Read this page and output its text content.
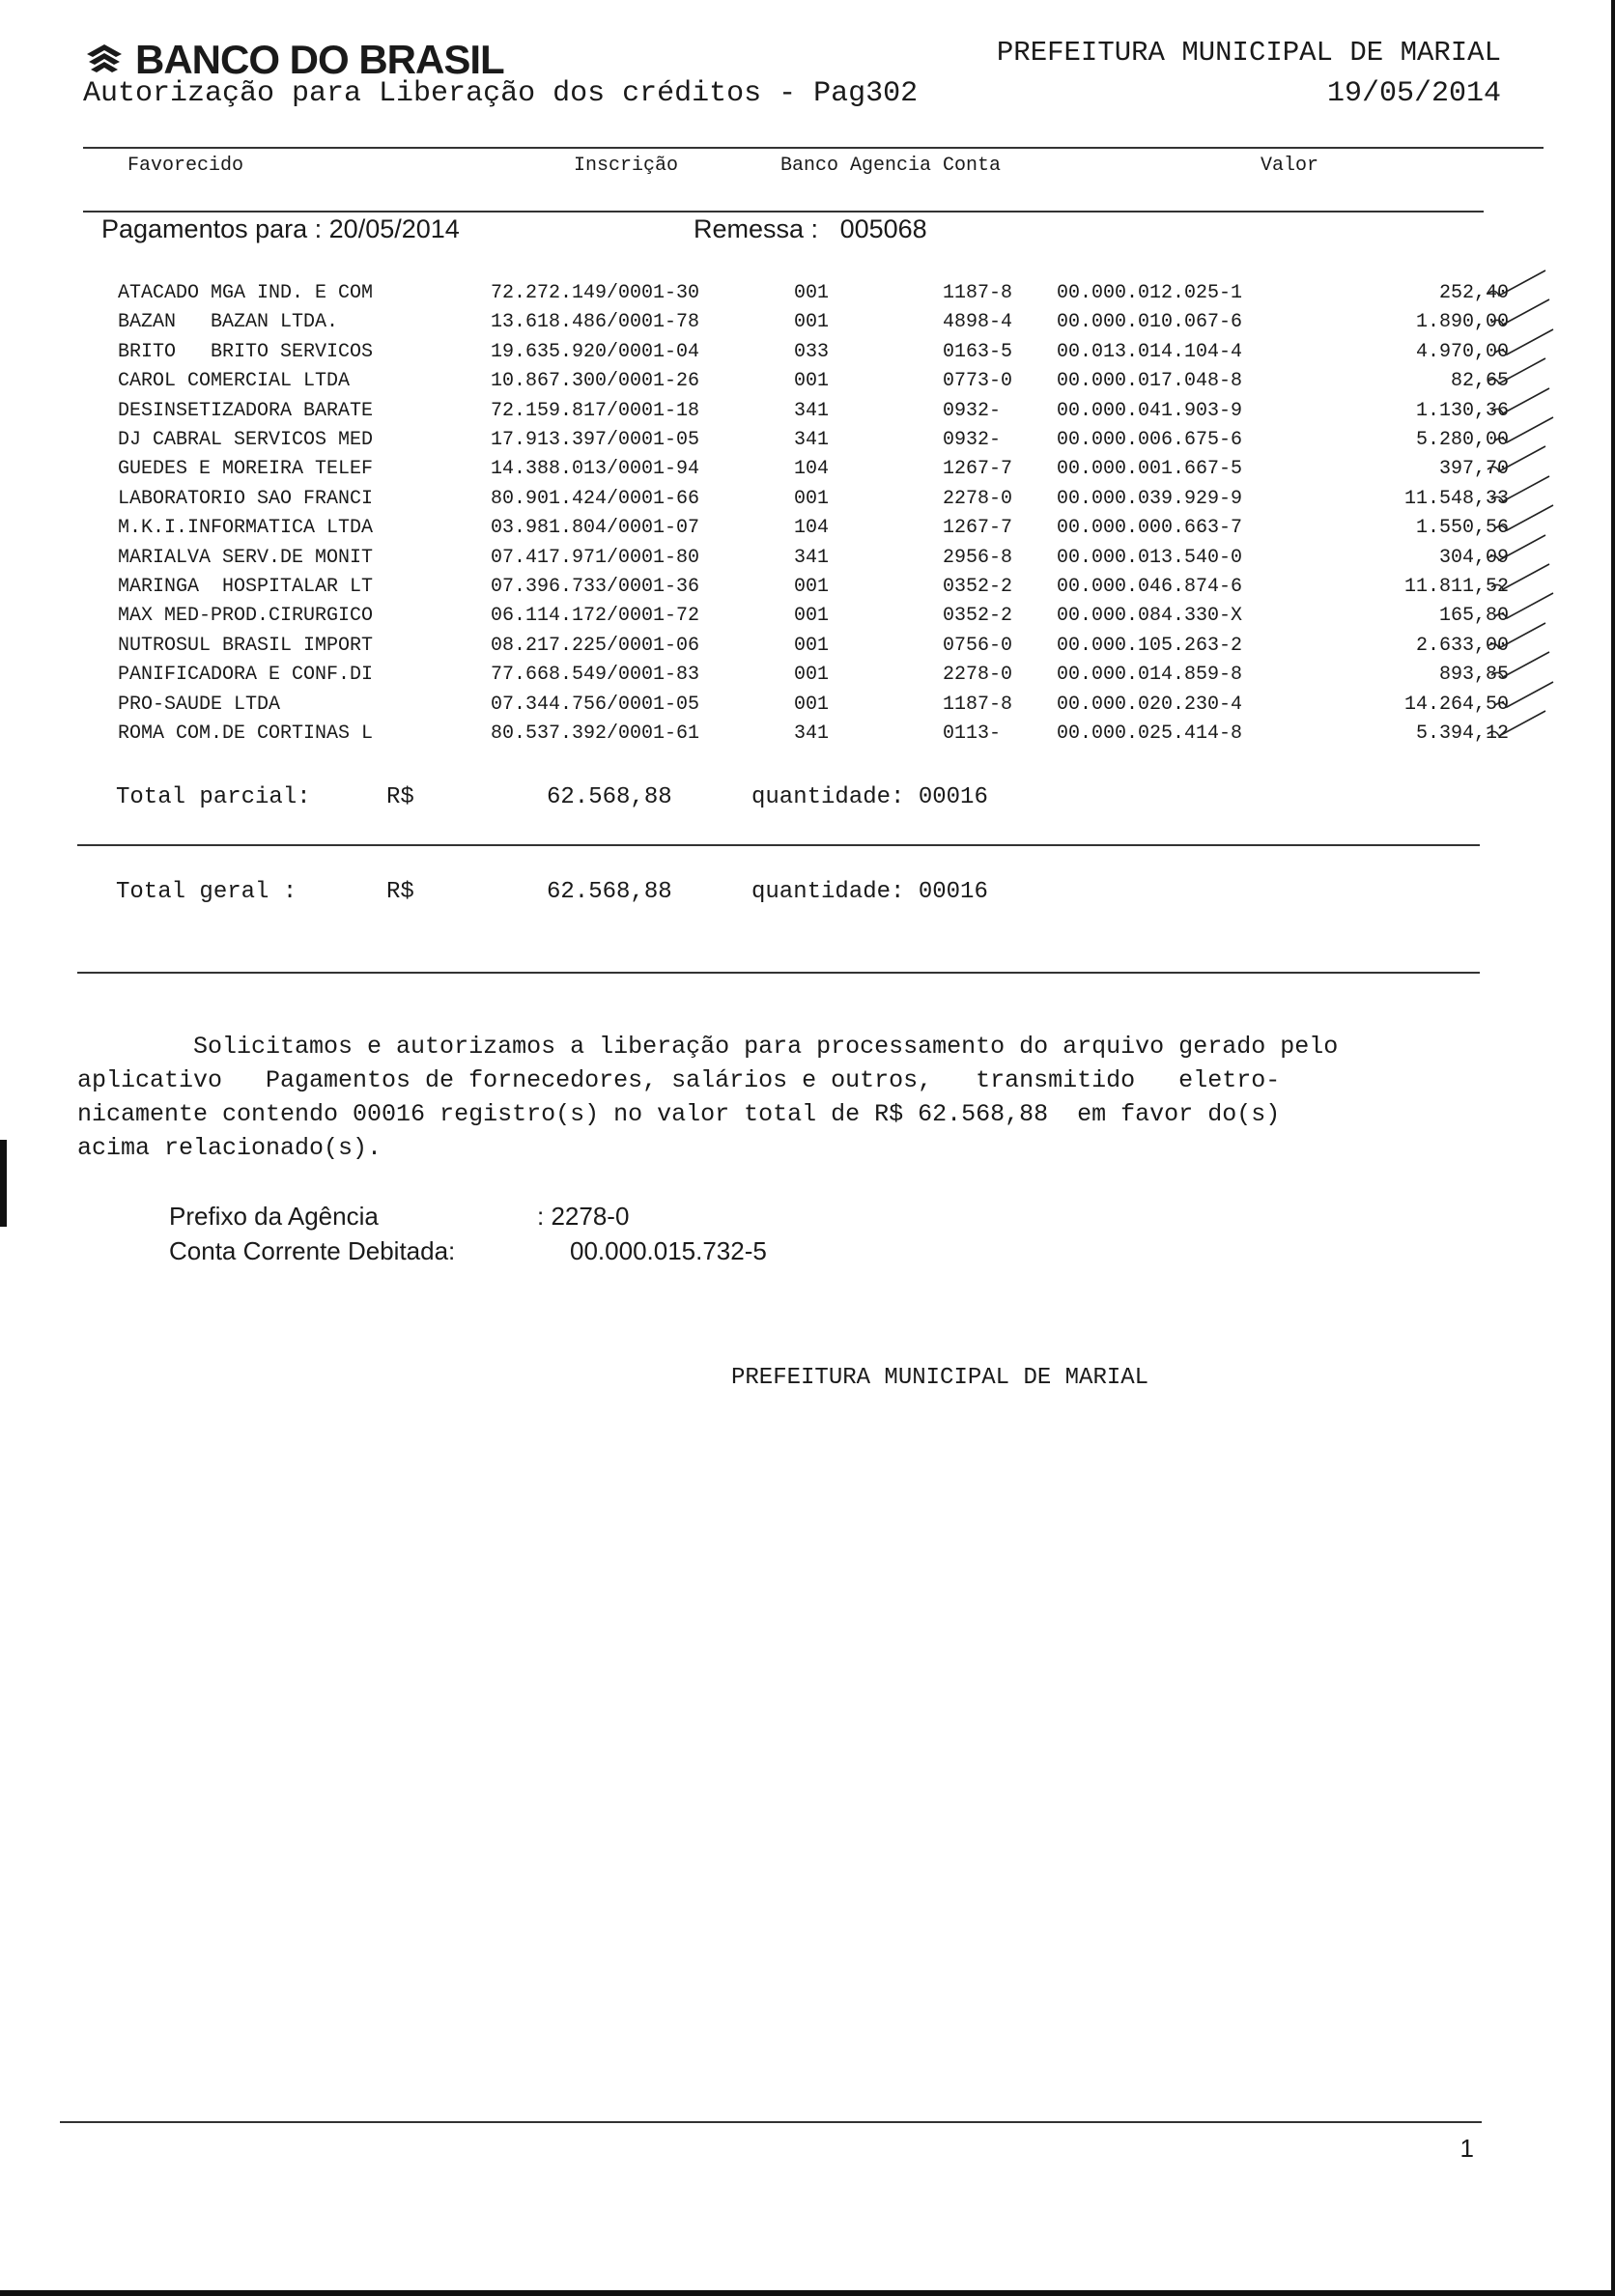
BANCO DO BRASIL
Autorização para Liberação dos créditos - Pag302
PREFEITURA MUNICIPAL DE MARIAL
19/05/2014
Favorecido	Inscrição	Banco Agencia Conta	Valor
Pagamentos para : 20/05/2014	Remessa :   005068
ATACADO MGA IND. E COM	72.272.149/0001-30	001	1187-8 00.000.012.025-1	252,40
BAZAN   BAZAN LTDA.	13.618.486/0001-78	001	4898-4 00.000.010.067-6	1.890,00
BRITO   BRITO SERVICOS	19.635.920/0001-04	033	0163-5 00.013.014.104-4	4.970,00
CAROL COMERCIAL LTDA	10.867.300/0001-26	001	0773-0 00.000.017.048-8	82,65
DESINSETIZADORA BARATE	72.159.817/0001-18	341	0932-	00.000.041.903-9	1.130,36
DJ CABRAL SERVICOS MED	17.913.397/0001-05	341	0932-	00.000.006.675-6	5.280,00
GUEDES E MOREIRA TELEF	14.388.013/0001-94	104	1267-7 00.000.001.667-5	397,70
LABORATORIO SAO FRANCI	80.901.424/0001-66	001	2278-0 00.000.039.929-9	11.548,33
M.K.I.INFORMATICA LTDA	03.981.804/0001-07	104	1267-7 00.000.000.663-7	1.550,56
MARIALVA SERV.DE MONIT	07.417.971/0001-80	341	2956-8 00.000.013.540-0	304,09
MARINGA  HOSPITALAR LT	07.396.733/0001-36	001	0352-2 00.000.046.874-6	11.811,52
MAX MED-PROD.CIRURGICO	06.114.172/0001-72	001	0352-2 00.000.084.330-X	165,80
NUTROSUL BRASIL IMPORT	08.217.225/0001-06	001	0756-0 00.000.105.263-2	2.633,00
PANIFICADORA E CONF.DI	77.668.549/0001-83	001	2278-0 00.000.014.859-8	893,85
PRO-SAUDE LTDA	07.344.756/0001-05	001	1187-8 00.000.020.230-4	14.264,50
ROMA COM.DE CORTINAS L	80.537.392/0001-61	341	0113-	00.000.025.414-8	5.394,12
Total parcial:	R$	62.568,88	quantidade: 00016
Total geral :	R$	62.568,88	quantidade: 00016
Solicitamos e autorizamos a liberação para processamento do arquivo gerado pelo
aplicativo   Pagamentos de fornecedores, salários e outros,   transmitido   eletro-
nicamente contendo 00016 registro(s) no valor total de R$ 62.568,88  em favor do(s)
acima relacionado(s).
Prefixo da Agência	: 2278-0
Conta Corrente Debitada:	00.000.015.732-5
PREFEITURA MUNICIPAL DE MARIAL
1
